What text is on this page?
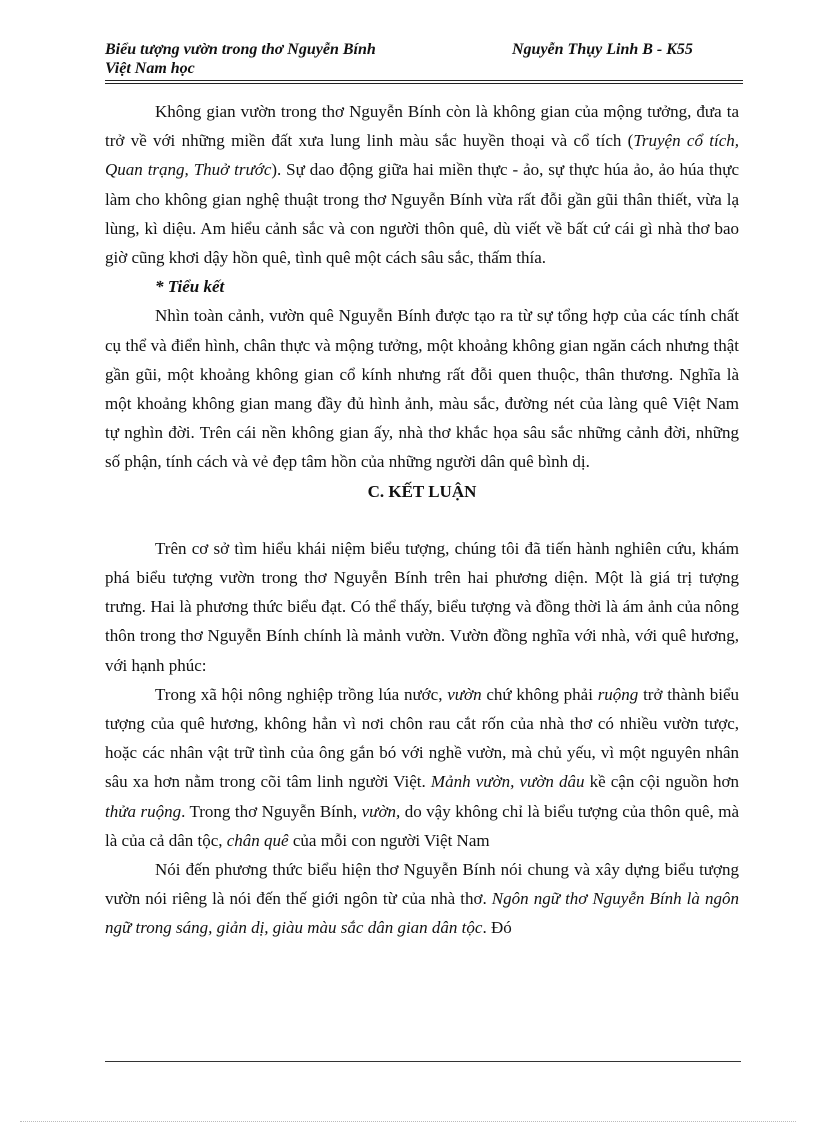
Biểu tượng vườn trong thơ Nguyễn Bính
Việt Nam học
Nguyễn Thụy Linh B - K55

Không gian vườn trong thơ Nguyễn Bính còn là không gian của mộng tưởng, đưa ta trở về với những miền đất xưa lung linh màu sắc huyền thoại và cổ tích (Truyện cổ tích, Quan trạng, Thuở trước). Sự dao động giữa hai miền thực - ảo, sự thực húa ảo, ảo húa thực làm cho không gian nghệ thuật trong thơ Nguyễn Bính vừa rất đỗi gần gũi thân thiết, vừa lạ lùng, kì diệu. Am hiểu cảnh sắc và con người thôn quê, dù viết về bất cứ cái gì nhà thơ bao giờ cũng khơi dậy hồn quê, tình quê một cách sâu sắc, thấm thía.

* Tiểu kết

Nhìn toàn cảnh, vườn quê Nguyễn Bính được tạo ra từ sự tổng hợp của các tính chất cụ thể và điển hình, chân thực và mộng tưởng, một khoảng không gian ngăn cách nhưng thật gần gũi, một khoảng không gian cổ kính nhưng rất đỗi quen thuộc, thân thương. Nghĩa là một khoảng không gian mang đầy đủ hình ảnh, màu sắc, đường nét của làng quê Việt Nam tự nghìn đời. Trên cái nền không gian ấy, nhà thơ khắc họa sâu sắc những cảnh đời, những số phận, tính cách và vẻ đẹp tâm hồn của những người dân quê bình dị.

C. KẾT LUẬN

Trên cơ sở tìm hiểu khái niệm biểu tượng, chúng tôi đã tiến hành nghiên cứu, khám phá biểu tượng vườn trong thơ Nguyễn Bính trên hai phương diện. Một là giá trị tượng trưng. Hai là phương thức biểu đạt. Có thể thấy, biểu tượng và đồng thời là ám ảnh của nông thôn trong thơ Nguyễn Bính chính là mảnh vườn. Vườn đồng nghĩa với nhà, với quê hương, với hạnh phúc:

Trong xã hội nông nghiệp trồng lúa nước, vườn chứ không phải ruộng trở thành biểu tượng của quê hương, không hẳn vì nơi chôn rau cắt rốn của nhà thơ có nhiều vườn tược, hoặc các nhân vật trữ tình của ông gắn bó với nghề vườn, mà chủ yếu, vì một nguyên nhân sâu xa hơn nằm trong cõi tâm linh người Việt. Mảnh vườn, vườn dâu kề cận cội nguồn hơn thửa ruộng. Trong thơ Nguyễn Bính, vườn, do vậy không chỉ là biểu tượng của thôn quê, mà là của cả dân tộc, chân quê của mỗi con người Việt Nam

Nói đến phương thức biểu hiện thơ Nguyễn Bính nói chung và xây dựng biểu tượng vườn nói riêng là nói đến thế giới ngôn từ của nhà thơ. Ngôn ngữ thơ Nguyễn Bính là ngôn ngữ trong sáng, giản dị, giàu màu sắc dân gian dân tộc. Đó
